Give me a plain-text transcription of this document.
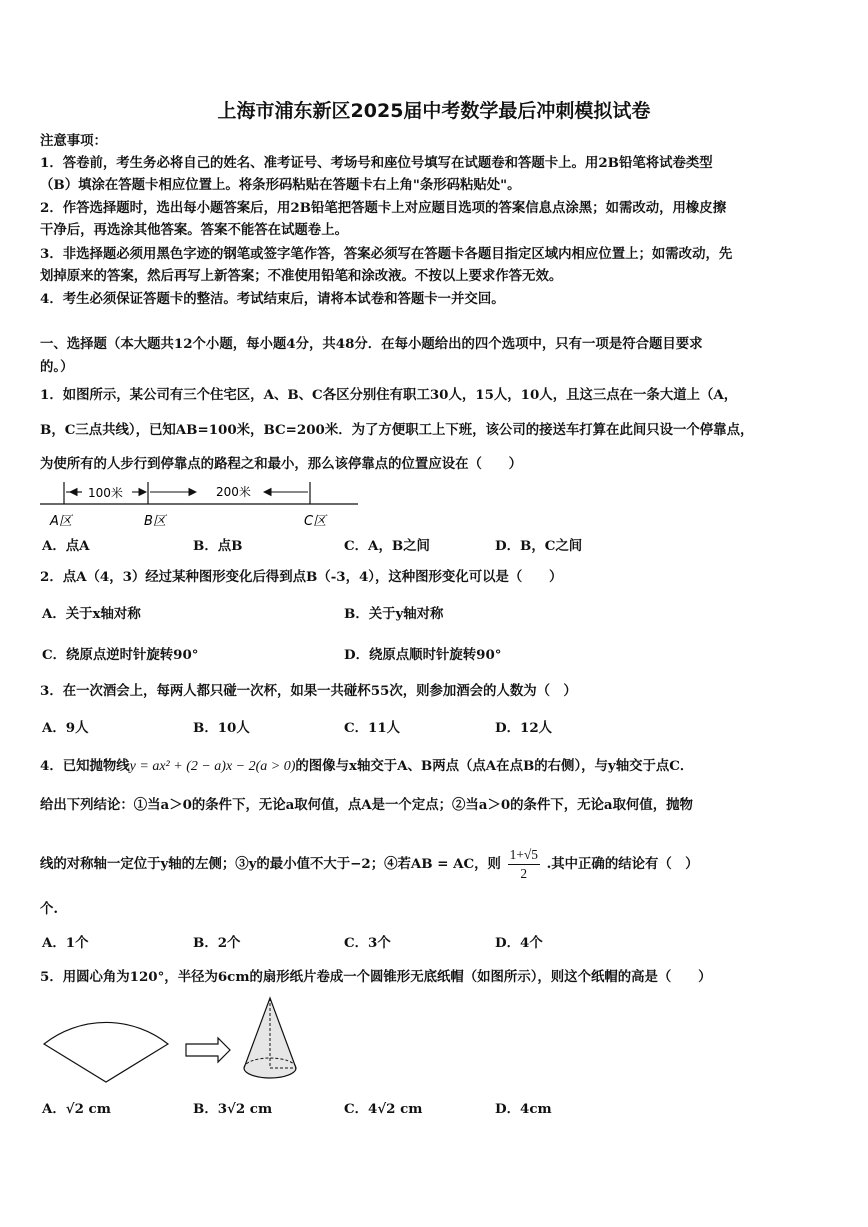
上海市浦东新区2025届中考数学最后冲刺模拟试卷
注意事项：
1．答卷前，考生务必将自己的姓名、准考证号、考场号和座位号填写在试题卷和答题卡上。用2B铅笔将试卷类型
（B）填涂在答题卡相应位置上。将条形码粘贴在答题卡右上角"条形码粘贴处"。
2．作答选择题时，选出每小题答案后，用2B铅笔把答题卡上对应题目选项的答案信息点涂黑；如需改动，用橡皮擦
干净后，再选涂其他答案。答案不能答在试题卷上。
3．非选择题必须用黑色字迹的钢笔或签字笔作答，答案必须写在答题卡各题目指定区域内相应位置上；如需改动，先
划掉原来的答案，然后再写上新答案；不准使用铅笔和涂改液。不按以上要求作答无效。
4．考生必须保证答题卡的整洁。考试结束后，请将本试卷和答题卡一并交回。
一、选择题（本大题共12个小题，每小题4分，共48分．在每小题给出的四个选项中，只有一项是符合题目要求
的。）
1．如图所示，某公司有三个住宅区，A、B、C各区分别住有职工30人，15人，10人，且这三点在一条大道上（A，
B，C三点共线），已知AB=100米，BC=200米．为了方便职工上下班，该公司的接送车打算在此间只设一个停靠点，
为使所有的人步行到停靠点的路程之和最小，那么该停靠点的位置应设在（　　）
100米	200米
A区	B区	C区
A．点A	B．点B	C．A，B之间	D．B，C之间
2．点A（4，3）经过某种图形变化后得到点B（-3，4），这种图形变化可以是（　　）
A．关于x轴对称	B．关于y轴对称
C．绕原点逆时针旋转90°	D．绕原点顺时针旋转90°
3．在一次酒会上，每两人都只碰一次杯，如果一共碰杯55次，则参加酒会的人数为（　）
A．9人	B．10人	C．11人	D．12人
4．已知抛物线y = ax² + (2 − a)x − 2(a > 0)的图像与x轴交于A、B两点（点A在点B的右侧），与y轴交于点C．
给出下列结论：①当a＞0的条件下，无论a取何值，点A是一个定点；②当a＞0的条件下，无论a取何值，抛物
线的对称轴一定位于y轴的左侧；③y的最小值不大于−2；④若AB = AC，则 $\frac{1+√5}{2}$ .其中正确的结论有（　）
个.
A．1个	B．2个	C．3个	D．4个
5．用圆心角为120°，半径为6cm的扇形纸片卷成一个圆锥形无底纸帽（如图所示），则这个纸帽的高是（　　）
A．√2 cm	B．3√2 cm	C．4√2 cm	D．4cm
